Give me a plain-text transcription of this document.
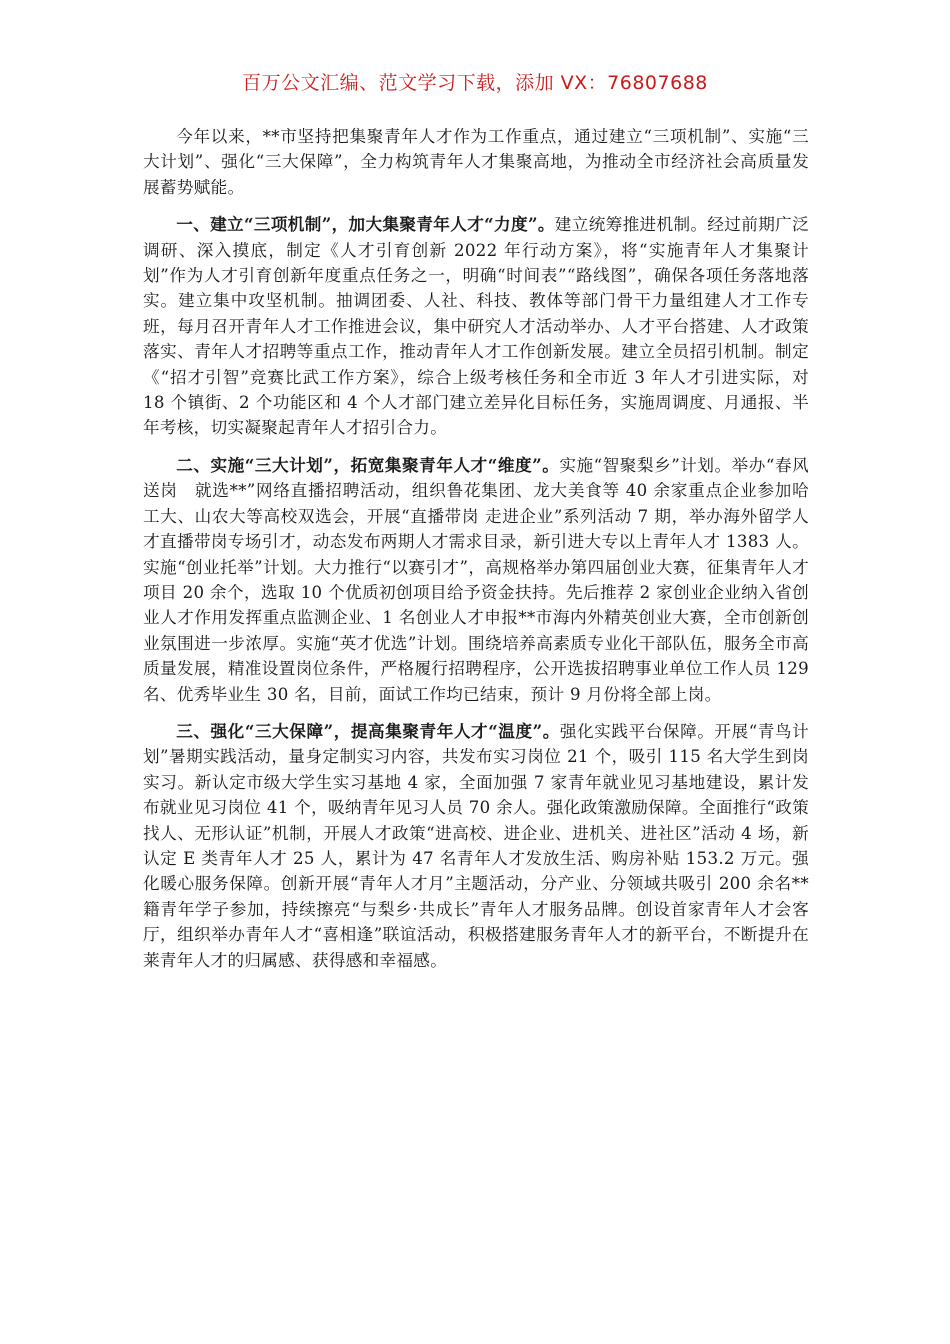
百万公文汇编、范文学习下载，添加 VX：76807688

今年以来，**市坚持把集聚青年人才作为工作重点，通过建立“三项机制”、实施“三大计划”、强化“三大保障”，全力构筑青年人才集聚高地，为推动全市经济社会高质量发展蓄势赋能。

一、建立“三项机制”，加大集聚青年人才“力度”。建立统筹推进机制。经过前期广泛调研、深入摸底，制定《人才引育创新 2022 年行动方案》，将“实施青年人才集聚计划”作为人才引育创新年度重点任务之一，明确“时间表”“路线图”，确保各项任务落地落实。建立集中攻坚机制。抽调团委、人社、科技、教体等部门骨干力量组建人才工作专班，每月召开青年人才工作推进会议，集中研究人才活动举办、人才平台搭建、人才政策落实、青年人才招聘等重点工作，推动青年人才工作创新发展。建立全员招引机制。制定《“招才引智”竞赛比武工作方案》，综合上级考核任务和全市近 3 年人才引进实际，对 18 个镇街、2 个功能区和 4 个人才部门建立差异化目标任务，实施周调度、月通报、半年考核，切实凝聚起青年人才招引合力。

二、实施“三大计划”，拓宽集聚青年人才“维度”。实施“智聚梨乡”计划。举办“春风送岗　就选**”网络直播招聘活动，组织鲁花集团、龙大美食等 40 余家重点企业参加哈工大、山农大等高校双选会，开展“直播带岗 走进企业”系列活动 7 期，举办海外留学人才直播带岗专场引才，动态发布两期人才需求目录，新引进大专以上青年人才 1383 人。实施“创业托举”计划。大力推行“以赛引才”，高规格举办第四届创业大赛，征集青年人才项目 20 余个，选取 10 个优质初创项目给予资金扶持。先后推荐 2 家创业企业纳入省创业人才作用发挥重点监测企业、1 名创业人才申报**市海内外精英创业大赛，全市创新创业氛围进一步浓厚。实施“英才优选”计划。围绕培养高素质专业化干部队伍，服务全市高质量发展，精准设置岗位条件，严格履行招聘程序，公开选拔招聘事业单位工作人员 129 名、优秀毕业生 30 名，目前，面试工作均已结束，预计 9 月份将全部上岗。

三、强化“三大保障”，提高集聚青年人才“温度”。强化实践平台保障。开展“青鸟计划”暑期实践活动，量身定制实习内容，共发布实习岗位 21 个，吸引 115 名大学生到岗实习。新认定市级大学生实习基地 4 家，全面加强 7 家青年就业见习基地建设，累计发布就业见习岗位 41 个，吸纳青年见习人员 70 余人。强化政策激励保障。全面推行“政策找人、无形认证”机制，开展人才政策“进高校、进企业、进机关、进社区”活动 4 场，新认定 E 类青年人才 25 人，累计为 47 名青年人才发放生活、购房补贴 153.2 万元。强化暖心服务保障。创新开展“青年人才月”主题活动，分产业、分领域共吸引 200 余名**籍青年学子参加，持续擦亮“与梨乡·共成长”青年人才服务品牌。创设首家青年人才会客厅，组织举办青年人才“喜相逢”联谊活动，积极搭建服务青年人才的新平台，不断提升在莱青年人才的归属感、获得感和幸福感。
